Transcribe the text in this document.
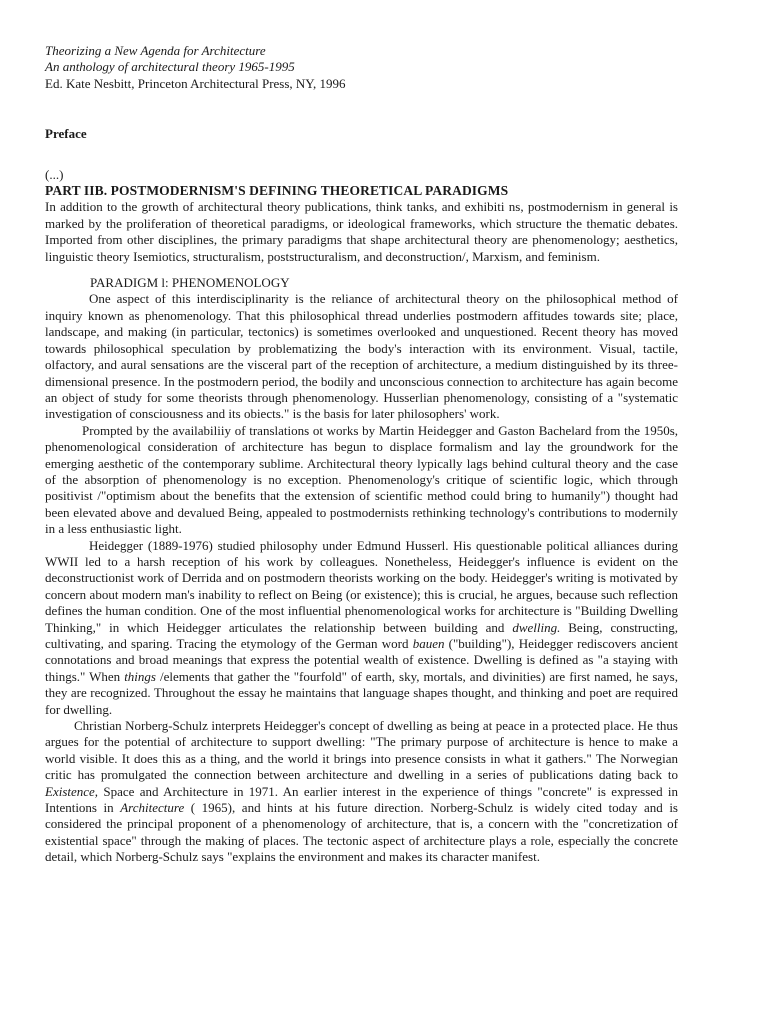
Theorizing a New Agenda for Architecture

An anthology of architectural theory 1965-1995

Ed. Kate Nesbitt, Princeton Architectural Press, NY, 1996

Preface

(...)

PART IIB. POSTMODERNISM'S DEFINING THEORETICAL PARADIGMS

In addition to the growth of architectural theory publications, think tanks, and exhibiti ns, postmodernism in general is marked by the proliferation of theoretical paradigms, or ideological frameworks, which structure the thematic debates. Imported from other disciplines, the primary paradigms that shape architectural theory are phenomenology; aesthetics, linguistic theory Isemiotics, structuralism, poststructuralism, and deconstruction/, Marxism, and feminism.

PARADIGM l: PHENOMENOLOGY

One aspect of this interdisciplinarity is the reliance of architectural theory on the philosophical method of inquiry known as phenomenology. That this philosophical thread underlies postmodern affitudes towards site; place, landscape, and making (in particular, tectonics) is sometimes overlooked and unquestioned. Recent theory has moved towards philosophical speculation by problematizing the body's interaction with its environment. Visual, tactile, olfactory, and aural sensations are the visceral part of the reception of architecture, a medium distinguished by its three-dimensional presence. In the postmodern period, the bodily and unconscious connection to architecture has again become an object of study for some theorists through phenomenology. Husserlian phenomenology, consisting of a "systematic investigation of consciousness and its obiects." is the basis for later philosophers' work.

Prompted by the availabiliiy of translations ot works by Martin Heidegger and Gaston Bachelard from the 1950s, phenomenological consideration of architecture has begun to displace formalism and lay the groundwork for the emerging aesthetic of the contemporary sublime. Architectural theory lypically lags behind cultural theory and the case of the absorption of phenomenology is no exception. Phenomenology's critique of scientific logic, which through positivist /"optimism about the benefits that the extension of scientific method could bring to humanily") thought had been elevated above and devalued Being, appealed to postmodernists rethinking technology's contributions to modernily in a less enthusiastic light.

Heidegger (1889-1976) studied philosophy under Edmund Husserl. His questionable political alliances during WWII led to a harsh reception of his work by colleagues. Nonetheless, Heidegger's influence is evident on the deconstructionist work of Derrida and on postmodern theorists working on the body. Heidegger's writing is motivated by concern about modern man's inability to reflect on Being (or existence); this is crucial, he argues, because such reflection defines the human condition. One of the most influential phenomenological works for architecture is "Building Dwelling Thinking," in which Heidegger articulates the relationship between building and dwelling. Being, constructing, cultivating, and sparing. Tracing the etymology of the German word bauen ("building"), Heidegger rediscovers ancient connotations and broad meanings that express the potential wealth of existence. Dwelling is defined as "a staying with things." When things /elements that gather the "fourfold" of earth, sky, mortals, and divinities) are first named, he says, they are recognized. Throughout the essay he maintains that language shapes thought, and thinking and poet are required for dwelling.

Christian Norberg-Schulz interprets Heidegger's concept of dwelling as being at peace in a protected place. He thus argues for the potential of architecture to support dwelling: "The primary purpose of architecture is hence to make a world visible. It does this as a thing, and the world it brings into presence consists in what it gathers." The Norwegian critic has promulgated the connection between architecture and dwelling in a series of publications dating back to Existence, Space and Architecture in 1971. An earlier interest in the experience of things "concrete" is expressed in Intentions in Architecture ( 1965), and hints at his future direction. Norberg-Schulz is widely cited today and is considered the principal proponent of a phenomenology of architecture, that is, a concern with the "concretization of existential space" through the making of places. The tectonic aspect of architecture plays a role, especially the concrete detail, which Norberg-Schulz says "explains the environment and makes its character manifest.
